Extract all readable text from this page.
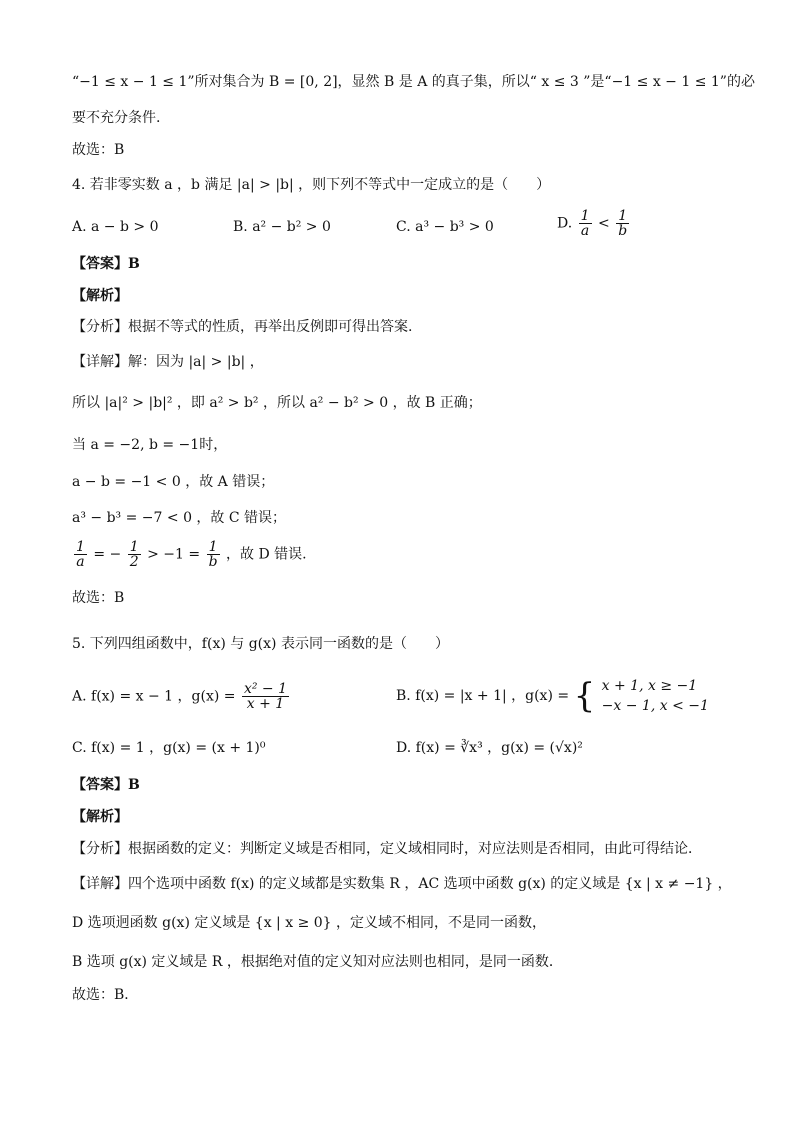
“−1 ≤ x − 1 ≤ 1”所对集合为 B = [0, 2]，显然 B 是 A 的真子集，所以“ x ≤ 3 ”是“−1 ≤ x − 1 ≤ 1”的必
要不充分条件.
故选：B
4. 若非零实数 a ，b 满足 |a| > |b| ，则下列不等式中一定成立的是（　　）
A. a − b > 0	B. a² − b² > 0	C. a³ − b³ > 0	D. $\frac{1}{a} < \frac{1}{b}$
【答案】B
【解析】
【分析】根据不等式的性质，再举出反例即可得出答案.
【详解】解：因为 |a| > |b| ，
所以 |a|² > |b|² ，即 a² > b² ，所以 a² − b² > 0 ，故 B 正确；
当 a = −2, b = −1时，
a − b = −1 < 0 ，故 A 错误；
a³ − b³ = −7 < 0 ，故 C 错误；
$\frac{1}{a}$ = − $\frac{1}{2} > -1 = \frac{1}{b}$ ，故 D 错误.
故选：B
5. 下列四组函数中，f(x) 与 g(x) 表示同一函数的是（　　）
A. f(x) = x − 1 ，$g(x) = \frac{\text{x² − 1}}{x + 1}$	B. f(x) = |x + 1| ，g(x) = { x + 1, x ≥ −1
−x − 1, x < −1
C. f(x) = 1 ，g(x) = (x + 1)⁰	D. f(x) = ∛x³ ，g(x) = (√x)²
【答案】B
【解析】
【分析】根据函数的定义：判断定义域是否相同，定义域相同时，对应法则是否相同，由此可得结论．
【详解】四个选项中函数 f(x) 的定义域都是实数集 R ，AC 选项中函数 g(x) 的定义域是 {x | x ≠ −1} ，
D 选项迥函数 g(x) 定义域是 {x | x ≥ 0} ，定义域不相同，不是同一函数，
B 选项 g(x) 定义域是 R ，根据绝对值的定义知对应法则也相同，是同一函数．
故选：B．
